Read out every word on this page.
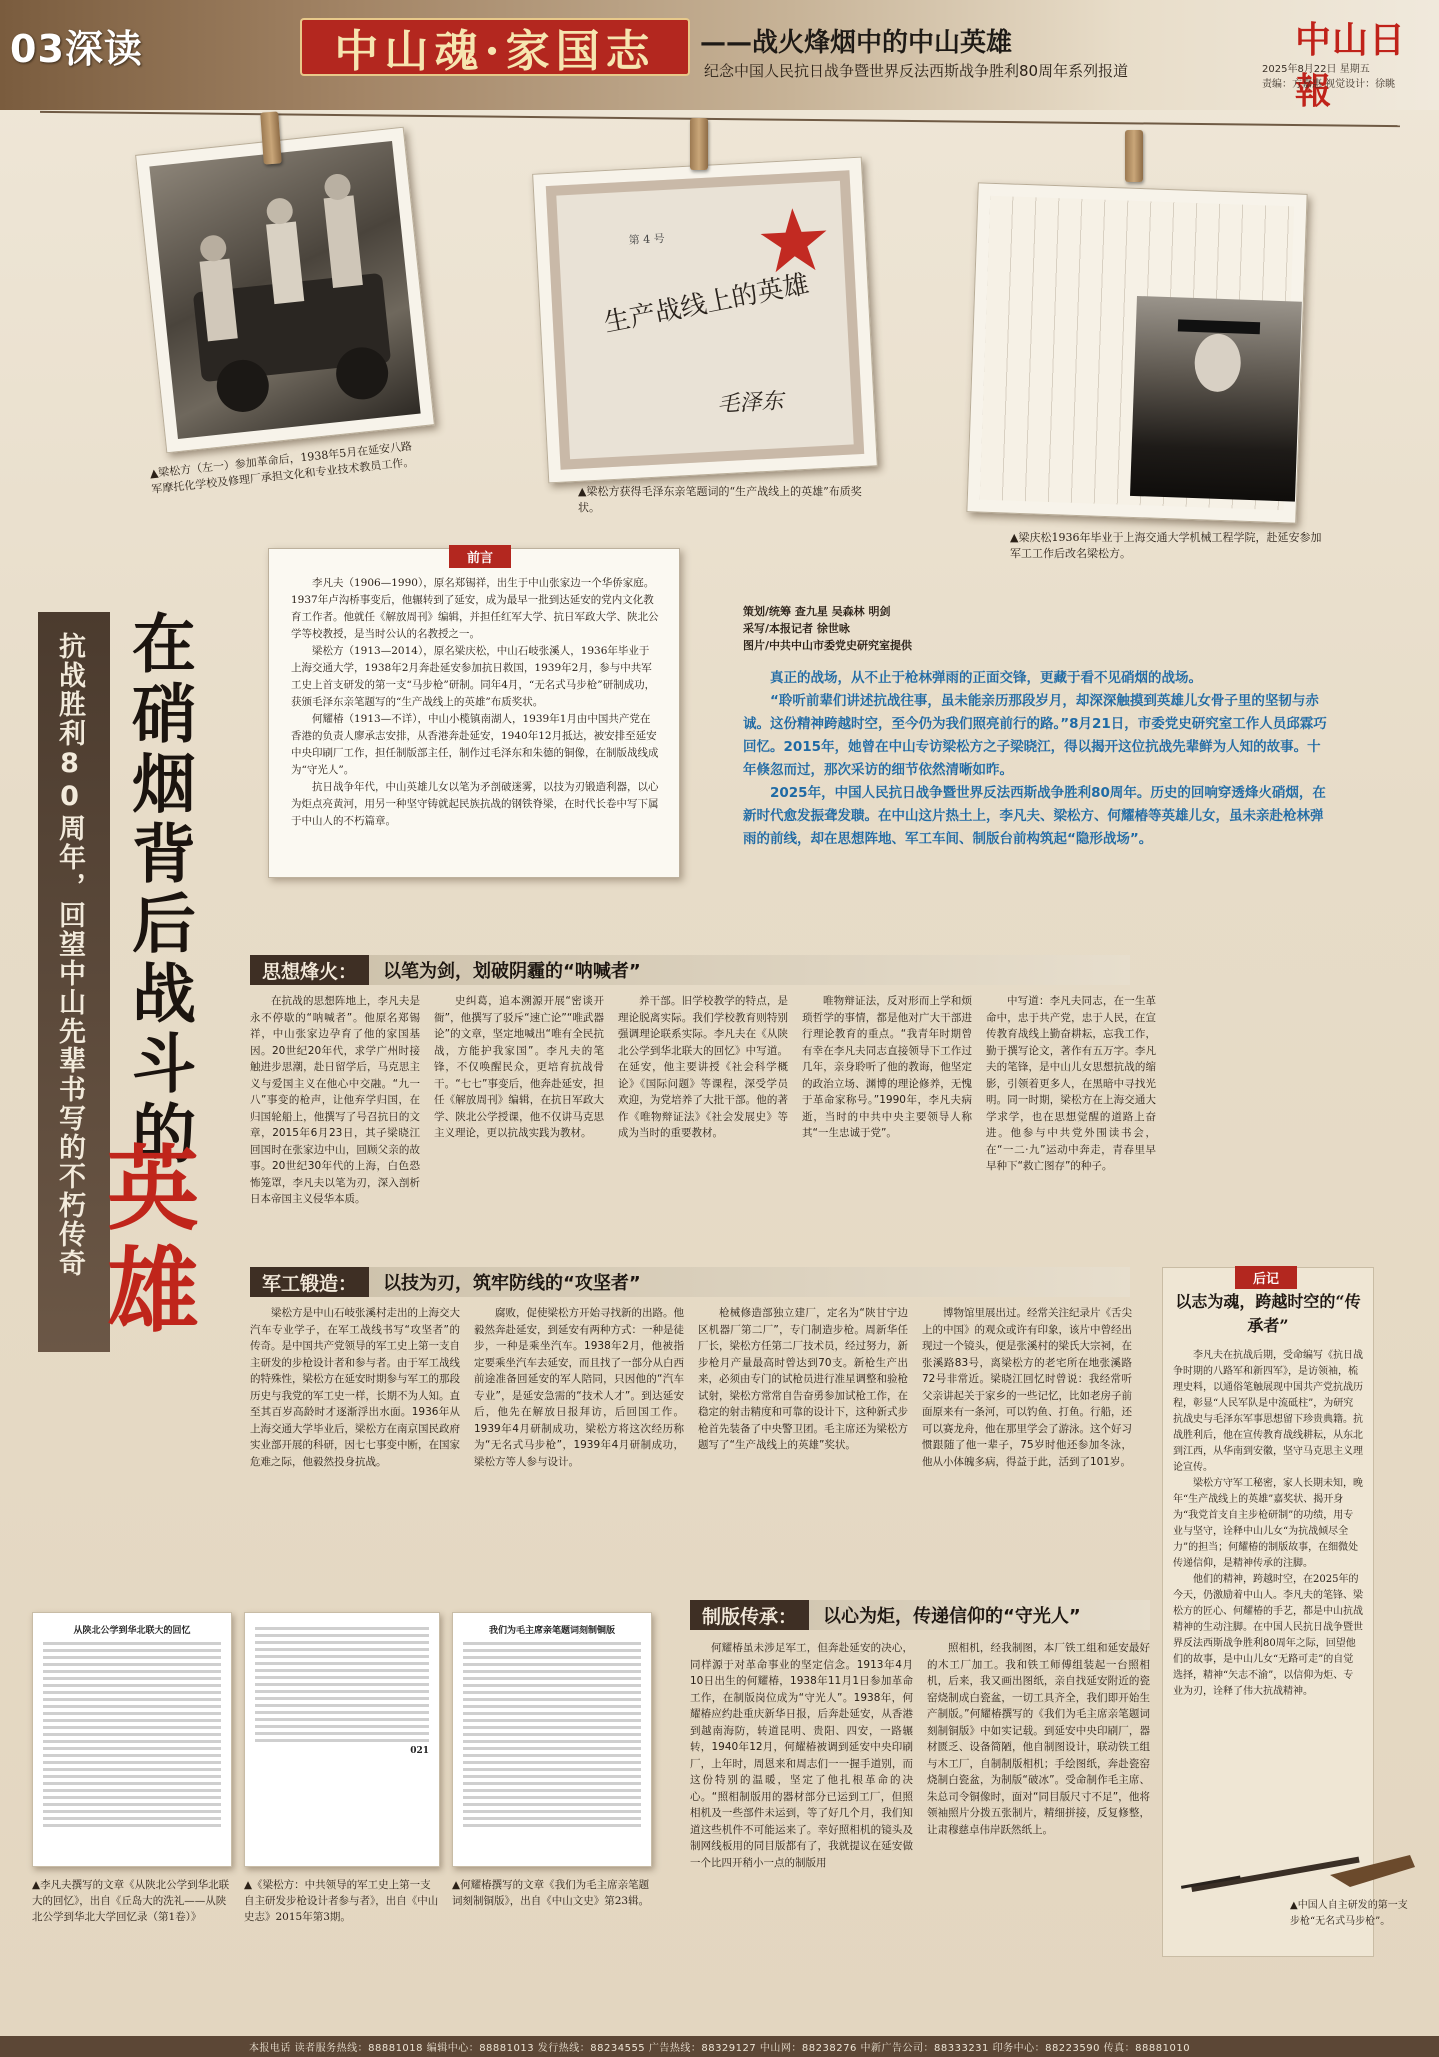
03深读	中山魂·家国志 ——战火烽烟中的中山英雄
纪念中国人民抗日战争暨世界反法西斯战争胜利80周年系列报道
中山日報
2025年8月22日 星期五
责编：方嘉惠 视觉设计：徐眺
▲梁松方（左一）参加革命后，1938年5月在延安八路军摩托化学校及修理厂承担文化和专业技术教员工作。
第 4 号
生产战线上的英雄
毛泽东
▲梁松方获得毛泽东亲笔题词的“生产战线上的英雄”布质奖状。
▲梁庆松1936年毕业于上海交通大学机械工程学院，赴延安参加军工工作后改名梁松方。
抗战胜利80周年，回望中山先辈书写的不朽传奇
前言

李凡夫（1906—1990），原名郑锡祥，出生于中山张家边一个华侨家庭。1937年卢沟桥事变后，他辗转到了延安，成为最早一批到达延安的党内文化教育工作者。他就任《解放周刊》编辑，并担任红军大学、抗日军政大学、陕北公学等校教授，是当时公认的名教授之一。

梁松方（1913—2014），原名梁庆松，中山石岐张溪人，1936年毕业于上海交通大学，1938年2月奔赴延安参加抗日救国，1939年2月，参与中共军工史上首支研发的第一支“马步枪”研制。同年4月，“无名式马步枪”研制成功，获颁毛泽东亲笔题写的“生产战线上的英雄”布质奖状。

何耀椿（1913—不详），中山小榄镇南湖人，1939年1月由中国共产党在香港的负责人廖承志安排，从香港奔赴延安，1940年12月抵达，被安排至延安中央印刷厂工作，担任制版部主任，制作过毛泽东和朱德的铜像，在制版战线成为“守光人”。

抗日战争年代，中山英雄儿女以笔为矛剖破迷雾，以技为刃锻造利器，以心为炬点亮黄河，用另一种坚守铸就起民族抗战的钢铁脊梁，在时代长卷中写下属于中山人的不朽篇章。

在硝烟背后战斗的
英雄
策划/统筹 查九星 吴森林 明剑
采写/本报记者 徐世咏
图片/中共中山市委党史研究室提供

真正的战场，从不止于枪林弹雨的正面交锋，更藏于看不见硝烟的战场。

“聆听前辈们讲述抗战往事，虽未能亲历那段岁月，却深深触摸到英雄儿女骨子里的坚韧与赤诚。这份精神跨越时空，至今仍为我们照亮前行的路。”8月21日，市委党史研究室工作人员邱霖巧回忆。2015年，她曾在中山专访梁松方之子梁晓江，得以揭开这位抗战先辈鲜为人知的故事。十年倏忽而过，那次采访的细节依然清晰如昨。

2025年，中国人民抗日战争暨世界反法西斯战争胜利80周年。历史的回响穿透烽火硝烟，在新时代愈发振聋发聩。在中山这片热土上，李凡夫、梁松方、何耀椿等英雄儿女，虽未亲赴枪林弹雨的前线，却在思想阵地、军工车间、制版台前构筑起“隐形战场”。

思想烽火：	以笔为剑，划破阴霾的“呐喊者”

在抗战的思想阵地上，李凡夫是永不停歇的“呐喊者”。他原名郑锡祥，中山张家边孕育了他的家国基因。20世纪20年代，求学广州时接触进步思潮，赴日留学后，马克思主义与爱国主义在他心中交融。“九一八”事变的枪声，让他弃学归国，在归国轮船上，他撰写了号召抗日的文章，2015年6月23日，其子梁晓江回国时在张家边中山，回顾父亲的故事。20世纪30年代的上海，白色恐怖笼罩，李凡夫以笔为刃，深入剖析日本帝国主义侵华本质。

史纠葛，追本溯源开展“密谈开衙”，他撰写了驳斥“速亡论”“唯武器论”的文章，坚定地喊出“唯有全民抗战，方能护我家国”。李凡夫的笔锋，不仅唤醒民众，更培育抗战骨干。“七七”事变后，他奔赴延安，担任《解放周刊》编辑，在抗日军政大学、陕北公学授课，他不仅讲马克思主义理论，更以抗战实践为教材。

养干部。旧学校教学的特点，是理论脱离实际。我们学校教育则特别强调理论联系实际。李凡夫在《从陕北公学到华北联大的回忆》中写道。在延安，他主要讲授《社会科学概论》《国际问题》等课程，深受学员欢迎，为党培养了大批干部。他的著作《唯物辩证法》《社会发展史》等成为当时的重要教材。

唯物辩证法，反对形而上学和烦琐哲学的事情，都是他对广大干部进行理论教育的重点。“我青年时期曾有幸在李凡夫同志直接领导下工作过几年，亲身聆听了他的教诲，他坚定的政治立场、渊博的理论修养，无愧于革命家称号。”1990年，李凡夫病逝，当时的中共中央主要领导人称其“一生忠诚于党”。

中写道：李凡夫同志，在一生革命中，忠于共产党，忠于人民，在宣传教育战线上勤奋耕耘，忘我工作，勤于撰写论文，著作有五万字。李凡夫的笔锋，是中山儿女思想抗战的缩影，引领着更多人，在黑暗中寻找光明。同一时期，梁松方在上海交通大学求学，也在思想觉醒的道路上奋进。他参与中共党外围读书会，在“一二·九”运动中奔走，青春里早早种下“救亡图存”的种子。

军工锻造：	以技为刃，筑牢防线的“攻坚者”

梁松方是中山石岐张溪村走出的上海交大汽车专业学子，在军工战线书写“攻坚者”的传奇。是中国共产党领导的军工史上第一支自主研发的步枪设计者和参与者。由于军工战线的特殊性，梁松方在延安时期参与军工的那段历史与我党的军工史一样，长期不为人知。直至其百岁高龄时才逐渐浮出水面。1936年从上海交通大学毕业后，梁松方在南京国民政府实业部开展的科研，因七七事变中断，在国家危难之际，他毅然投身抗战。

腐败，促使梁松方开始寻找新的出路。他毅然奔赴延安，到延安有两种方式：一种是徒步，一种是乘坐汽车。1938年2月，他被指定要乘坐汽车去延安，而且找了一部分从白西前途准备回延安的军人陪同，只因他的“汽车专业”，是延安急需的“技术人才”。到达延安后，他先在解放日报拜访，后回国工作。1939年4月研制成功，梁松方将这次经历称为“无名式马步枪”，1939年4月研制成功，梁松方等人参与设计。

枪械修造部独立建厂，定名为“陕甘宁边区机器厂第二厂”，专门制造步枪。周新华任厂长，梁松方任第二厂技术员，经过努力，新步枪月产量最高时曾达到70支。新枪生产出来，必须由专门的试枪员进行准星调整和验枪试射，梁松方常常自告奋勇参加试枪工作，在稳定的射击精度和可靠的设计下，这种新式步枪首先装备了中央警卫团。毛主席还为梁松方题写了“生产战线上的英雄”奖状。

博物馆里展出过。经常关注纪录片《舌尖上的中国》的观众或许有印象，该片中曾经出现过一个镜头，便是张溪村的梁氏大宗祠，在张溪路83号，离梁松方的老宅所在地张溪路72号非常近。梁晓江回忆时曾说：我经常听父亲讲起关于家乡的一些记忆，比如老房子前面原来有一条河，可以钓鱼、打鱼。行船，还可以赛龙舟，他在那里学会了游泳。这个好习惯跟随了他一辈子，75岁时他还参加冬泳，他从小体魄多病，得益于此，活到了101岁。

后记
以志为魂，跨越时空的“传承者”

李凡夫在抗战后期，受命编写《抗日战争时期的八路军和新四军》，是访领袖，梳理史料，以通俗笔触展现中国共产党抗战历程，彰显“人民军队是中流砥柱”，为研究抗战史与毛泽东军事思想留下珍贵典籍。抗战胜利后，他在宣传教育战线耕耘，从东北到江西，从华南到安徽，坚守马克思主义理论宣传。

梁松方守军工秘密，家人长期未知，晚年“生产战线上的英雄”嘉奖状、揭开身为“我党首支自主步枪研制”的功绩，用专业与坚守，诠释中山儿女“为抗战倾尽全力”的担当；何耀椿的制版故事，在细微处传递信仰，是精神传承的注脚。

他们的精神，跨越时空，在2025年的今天，仍激励着中山人。李凡夫的笔锋、梁松方的匠心、何耀椿的手艺，都是中山抗战精神的生动注脚。在中国人民抗日战争暨世界反法西斯战争胜利80周年之际，回望他们的故事，是中山儿女“无路可走”的自觉选择，精神“矢志不渝”，以信仰为炬、专业为刃，诠释了伟大抗战精神。

从陕北公学到华北联大的回忆
021
我们为毛主席亲笔题词刻制铜版
▲李凡夫撰写的文章《从陕北公学到华北联大的回忆》，出自《丘岛大的洗礼——从陕北公学到华北大学回忆录（第1卷）》
▲《梁松方：中共领导的军工史上第一支自主研发步枪设计者参与者》，出自《中山史志》2015年第3期。
▲何耀椿撰写的文章《我们为毛主席亲笔题词刻制铜版》，出自《中山文史》第23辑。
制版传承：	以心为炬，传递信仰的“守光人”

何耀椿虽未涉足军工，但奔赴延安的决心，同样源于对革命事业的坚定信念。1913年4月10日出生的何耀椿，1938年11月1日参加革命工作，在制版岗位成为“守光人”。1938年，何耀椿应约赴重庆新华日报，后奔赴延安，从香港到越南海防，转道昆明、贵阳、四安，一路辗转，1940年12月，何耀椿被调到延安中央印刷厂，上年时，周恩来和周志们一一握手道别，而这份特别的温暖，坚定了他扎根革命的决心。“照相制版用的器材部分已运到工厂，但照相机及一些部件未运到，等了好几个月，我们知道这些机件不可能运来了。幸好照相机的镜头及制网线板用的同目版都有了，我就提议在延安做一个比四开稍小一点的制版用

照相机，经我制图，本厂铁工组和延安最好的木工厂加工。我和铁工师傅组装起一台照相机，后来，我又画出图纸，亲自找延安附近的瓷窑烧制成白瓷盆，一切工具齐全，我们即开始生产制版。”何耀椿撰写的《我们为毛主席亲笔题词刻制铜版》中如实记载。到延安中央印刷厂，器材匮乏、设备简陋，他自制图设计，联动铁工组与木工厂，自制制版相机；手绘图纸，奔赴瓷窑烧制白瓷盆，为制版“破冰”。受命制作毛主席、朱总司令铜像时，面对“同目版尺寸不足”，他将领袖照片分拨五张制片，精细拼接，反复修整，让肃穆慈卓伟岸跃然纸上。

▲中国人自主研发的第一支步枪“无名式马步枪”。
本报电话 读者服务热线：88881018 编辑中心：88881013 发行热线：88234555 广告热线：88329127 中山网：88238276 中新广告公司：88333231 印务中心：88223590 传真：88881010
